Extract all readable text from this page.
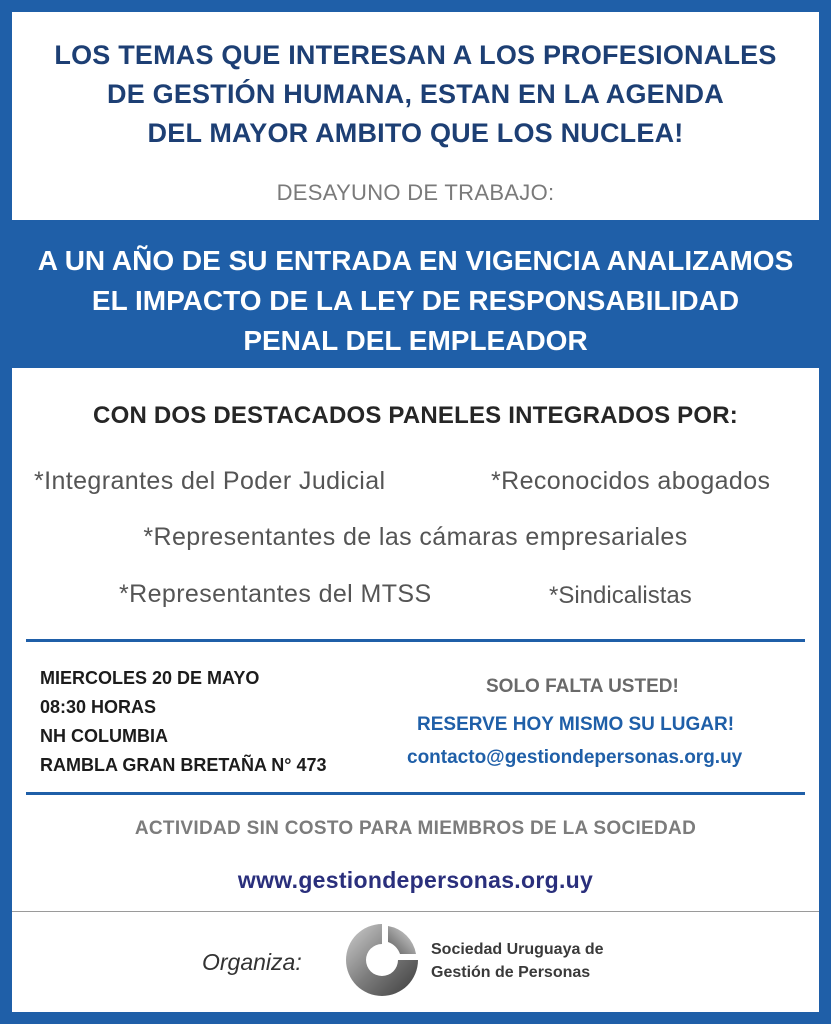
LOS TEMAS QUE INTERESAN A LOS PROFESIONALES
DE GESTIÓN HUMANA, ESTAN EN LA AGENDA
DEL MAYOR AMBITO QUE LOS NUCLEA!
DESAYUNO DE TRABAJO:
A UN AÑO DE SU ENTRADA EN VIGENCIA ANALIZAMOS
EL IMPACTO DE LA LEY DE RESPONSABILIDAD
PENAL DEL EMPLEADOR
CON DOS DESTACADOS PANELES INTEGRADOS POR:
*Integrantes del Poder Judicial	*Reconocidos abogados
*Representantes de las cámaras empresariales
*Representantes del MTSS	*Sindicalistas
MIERCOLES 20 DE MAYO
08:30 HORAS
NH COLUMBIA
RAMBLA GRAN BRETAÑA N° 473
SOLO FALTA USTED!
RESERVE HOY MISMO SU LUGAR!
contacto@gestiondepersonas.org.uy
ACTIVIDAD SIN COSTO PARA MIEMBROS DE LA SOCIEDAD
www.gestiondepersonas.org.uy
Organiza:	Sociedad Uruguaya de
Gestión de Personas
